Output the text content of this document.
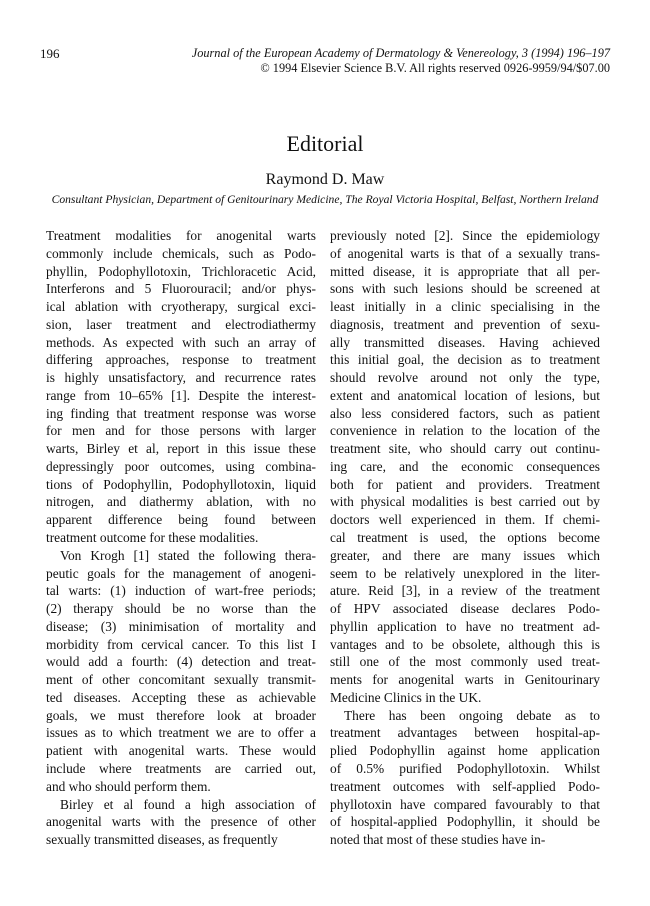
196	Journal of the European Academy of Dermatology & Venereology, 3 (1994) 196–197
© 1994 Elsevier Science B.V. All rights reserved 0926-9959/94/$07.00
Editorial
Raymond D. Maw
Consultant Physician, Department of Genitourinary Medicine, The Royal Victoria Hospital, Belfast, Northern Ireland
Treatment modalities for anogenital warts
commonly include chemicals, such as Podo-
phyllin, Podophyllotoxin, Trichloracetic Acid,
Interferons and 5 Fluorouracil; and/or phys-
ical ablation with cryotherapy, surgical exci-
sion, laser treatment and electrodiathermy
methods. As expected with such an array of
differing approaches, response to treatment
is highly unsatisfactory, and recurrence rates
range from 10–65% [1]. Despite the interest-
ing finding that treatment response was worse
for men and for those persons with larger
warts, Birley et al, report in this issue these
depressingly poor outcomes, using combina-
tions of Podophyllin, Podophyllotoxin, liquid
nitrogen, and diathermy ablation, with no
apparent difference being found between
treatment outcome for these modalities.
Von Krogh [1] stated the following thera-
peutic goals for the management of anogeni-
tal warts: (1) induction of wart-free periods;
(2) therapy should be no worse than the
disease; (3) minimisation of mortality and
morbidity from cervical cancer. To this list I
would add a fourth: (4) detection and treat-
ment of other concomitant sexually transmit-
ted diseases. Accepting these as achievable
goals, we must therefore look at broader
issues as to which treatment we are to offer a
patient with anogenital warts. These would
include where treatments are carried out,
and who should perform them.
Birley et al found a high association of
anogenital warts with the presence of other
sexually transmitted diseases, as frequently
previously noted [2]. Since the epidemiology
of anogenital warts is that of a sexually trans-
mitted disease, it is appropriate that all per-
sons with such lesions should be screened at
least initially in a clinic specialising in the
diagnosis, treatment and prevention of sexu-
ally transmitted diseases. Having achieved
this initial goal, the decision as to treatment
should revolve around not only the type,
extent and anatomical location of lesions, but
also less considered factors, such as patient
convenience in relation to the location of the
treatment site, who should carry out continu-
ing care, and the economic consequences
both for patient and providers. Treatment
with physical modalities is best carried out by
doctors well experienced in them. If chemi-
cal treatment is used, the options become
greater, and there are many issues which
seem to be relatively unexplored in the liter-
ature. Reid [3], in a review of the treatment
of HPV associated disease declares Podo-
phyllin application to have no treatment ad-
vantages and to be obsolete, although this is
still one of the most commonly used treat-
ments for anogenital warts in Genitourinary
Medicine Clinics in the UK.
There has been ongoing debate as to
treatment advantages between hospital-ap-
plied Podophyllin against home application
of 0.5% purified Podophyllotoxin. Whilst
treatment outcomes with self-applied Podo-
phyllotoxin have compared favourably to that
of hospital-applied Podophyllin, it should be
noted that most of these studies have in-
